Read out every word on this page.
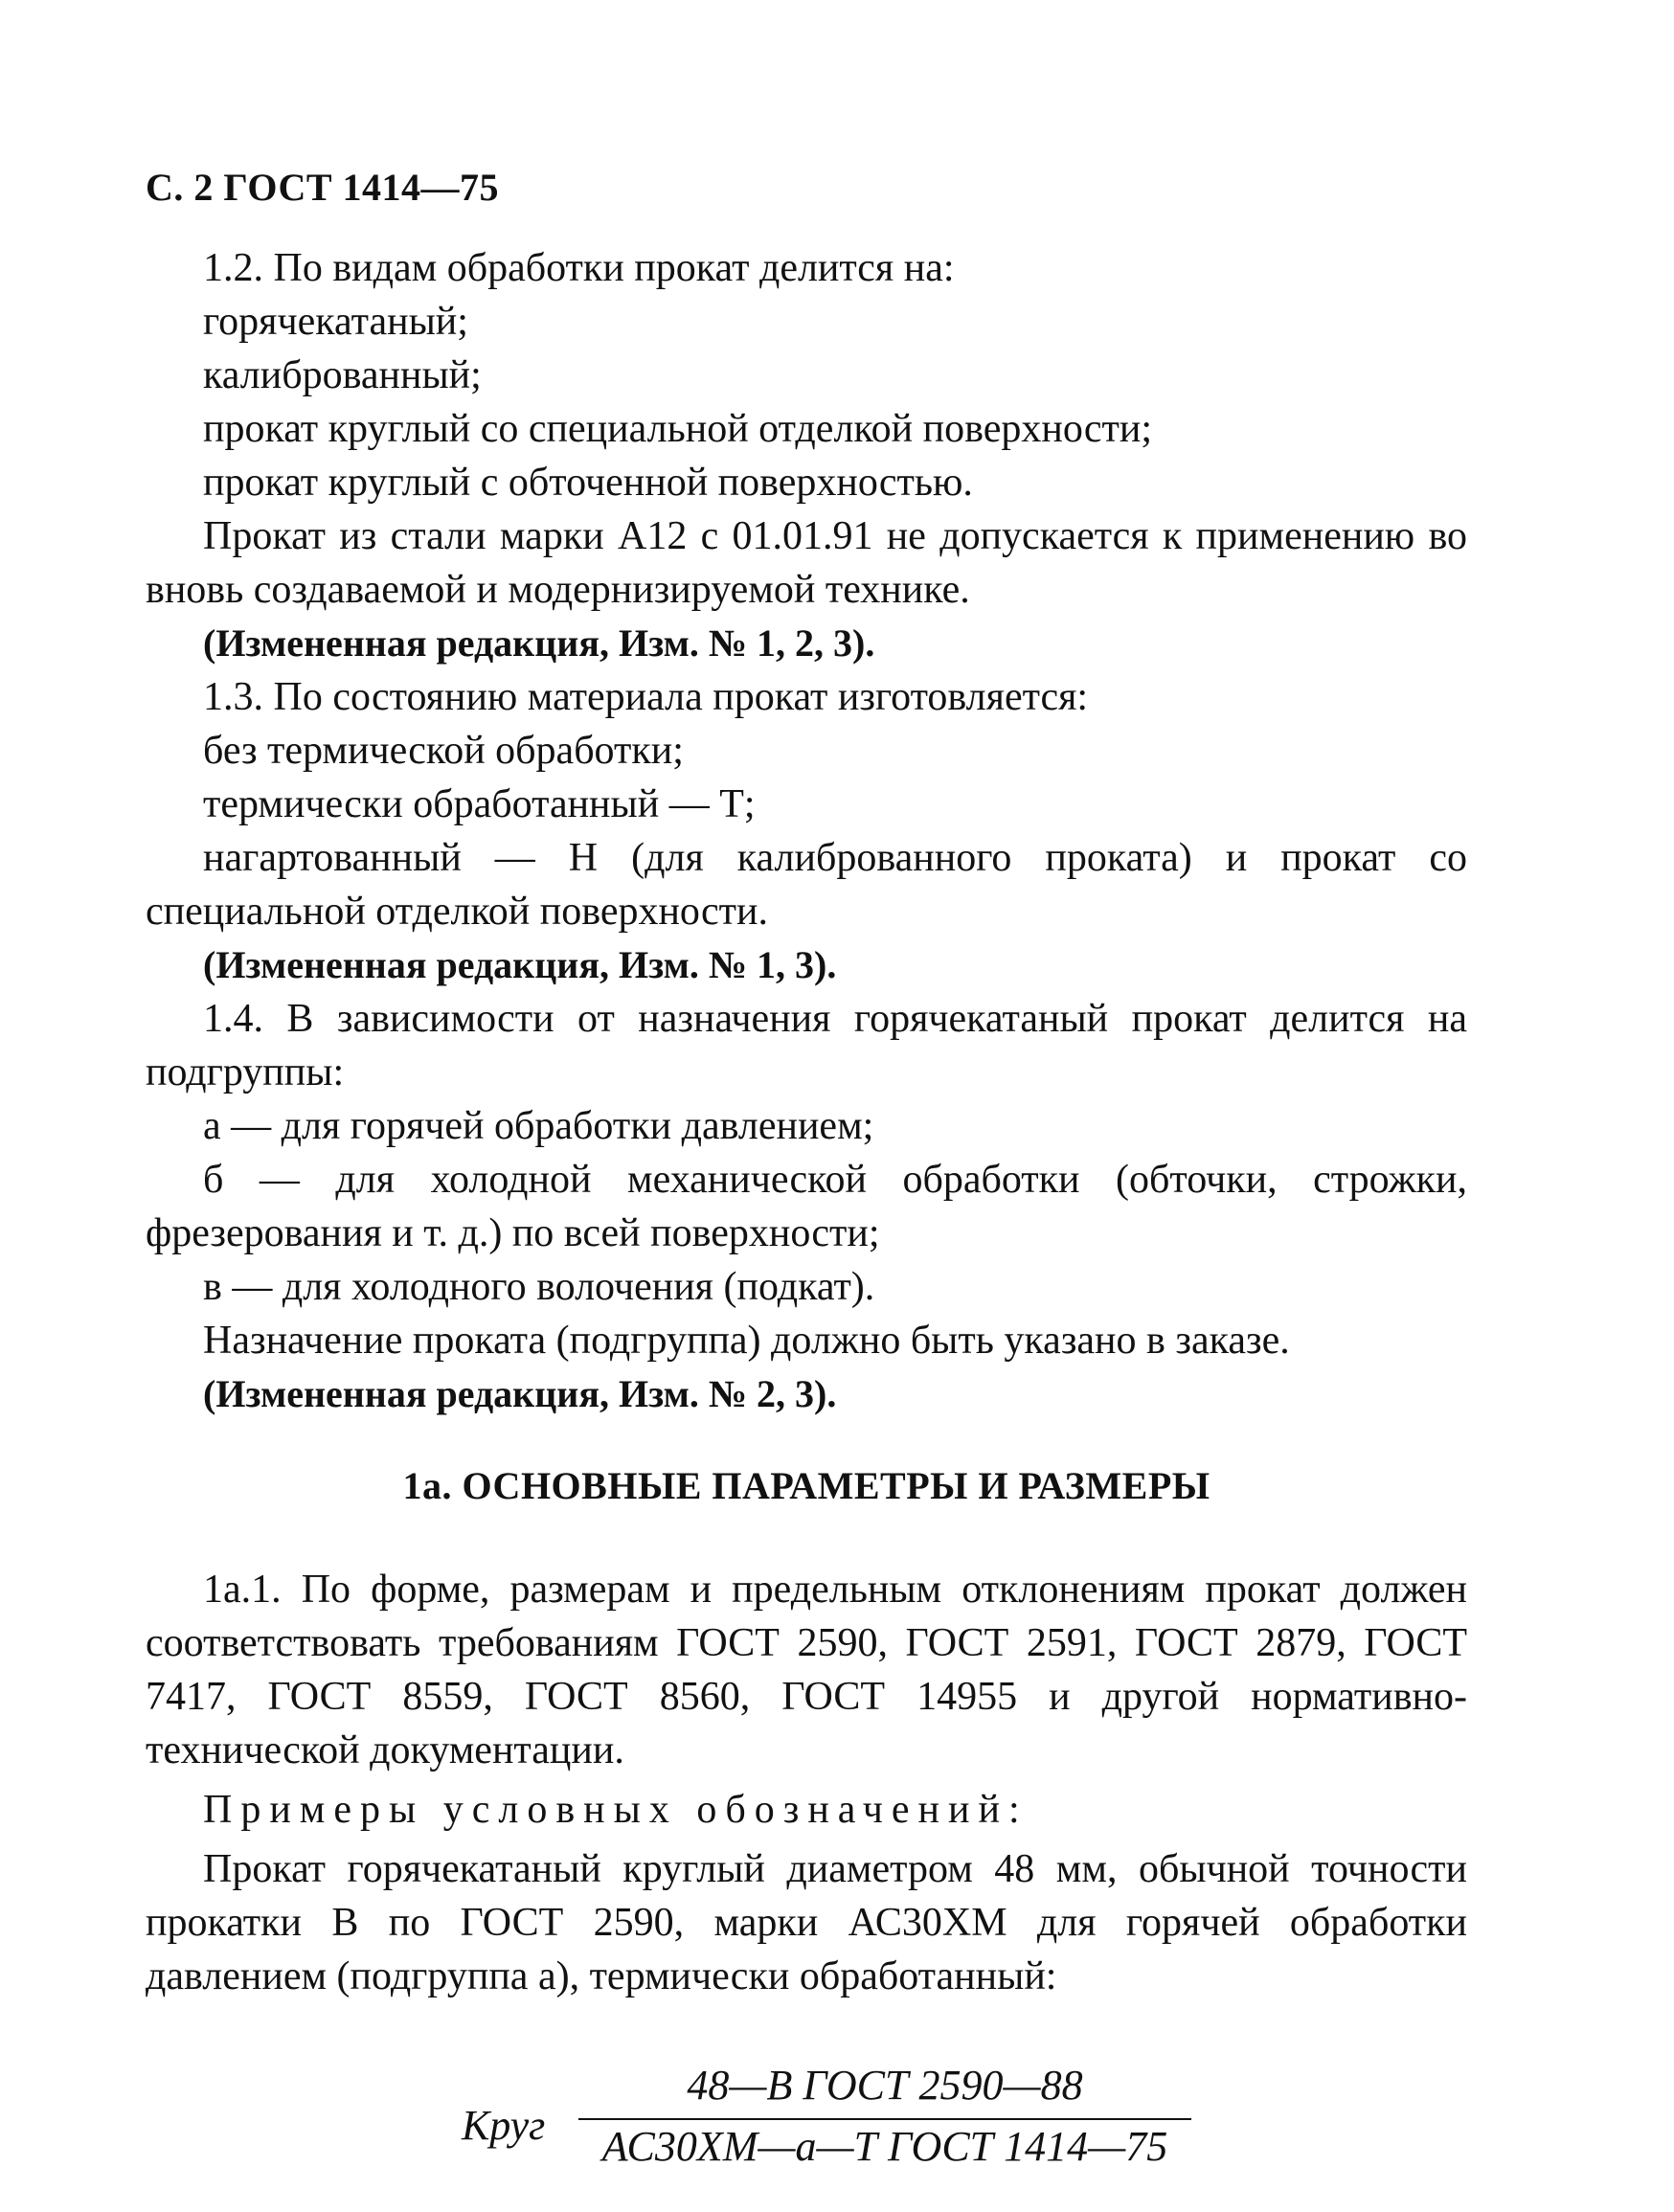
С. 2 ГОСТ 1414—75

1.2. По видам обработки прокат делится на:

горячекатаный;

калиброванный;

прокат круглый со специальной отделкой поверхности;

прокат круглый с обточенной поверхностью.

Прокат из стали марки А12 с 01.01.91 не допускается к применению во вновь создаваемой и модернизируемой технике.

(Измененная редакция, Изм. № 1, 2, 3).

1.3. По состоянию материала прокат изготовляется:

без термической обработки;

термически обработанный — Т;

нагартованный — Н (для калиброванного проката) и прокат со специальной отделкой поверхности.

(Измененная редакция, Изм. № 1, 3).

1.4. В зависимости от назначения горячекатаный прокат делится на подгруппы:

а — для горячей обработки давлением;

б — для холодной механической обработки (обточки, строжки, фрезерования и т. д.) по всей поверхности;

в — для холодного волочения (подкат).

Назначение проката (подгруппа) должно быть указано в заказе.

(Измененная редакция, Изм. № 2, 3).

1а. ОСНОВНЫЕ ПАРАМЕТРЫ И РАЗМЕРЫ

1а.1. По форме, размерам и предельным отклонениям прокат должен соответствовать требованиям ГОСТ 2590, ГОСТ 2591, ГОСТ 2879, ГОСТ 7417, ГОСТ 8559, ГОСТ 8560, ГОСТ 14955 и другой нормативно-технической документации.

Примеры условных обозначений:

Прокат горячекатаный круглый диаметром 48 мм, обычной точности прокатки В по ГОСТ 2590, марки АС30ХМ для горячей обработки давлением (подгруппа а), термически обработанный:

Круг
48—В ГОСТ 2590—88
АС30ХМ—а—Т ГОСТ 1414—75
